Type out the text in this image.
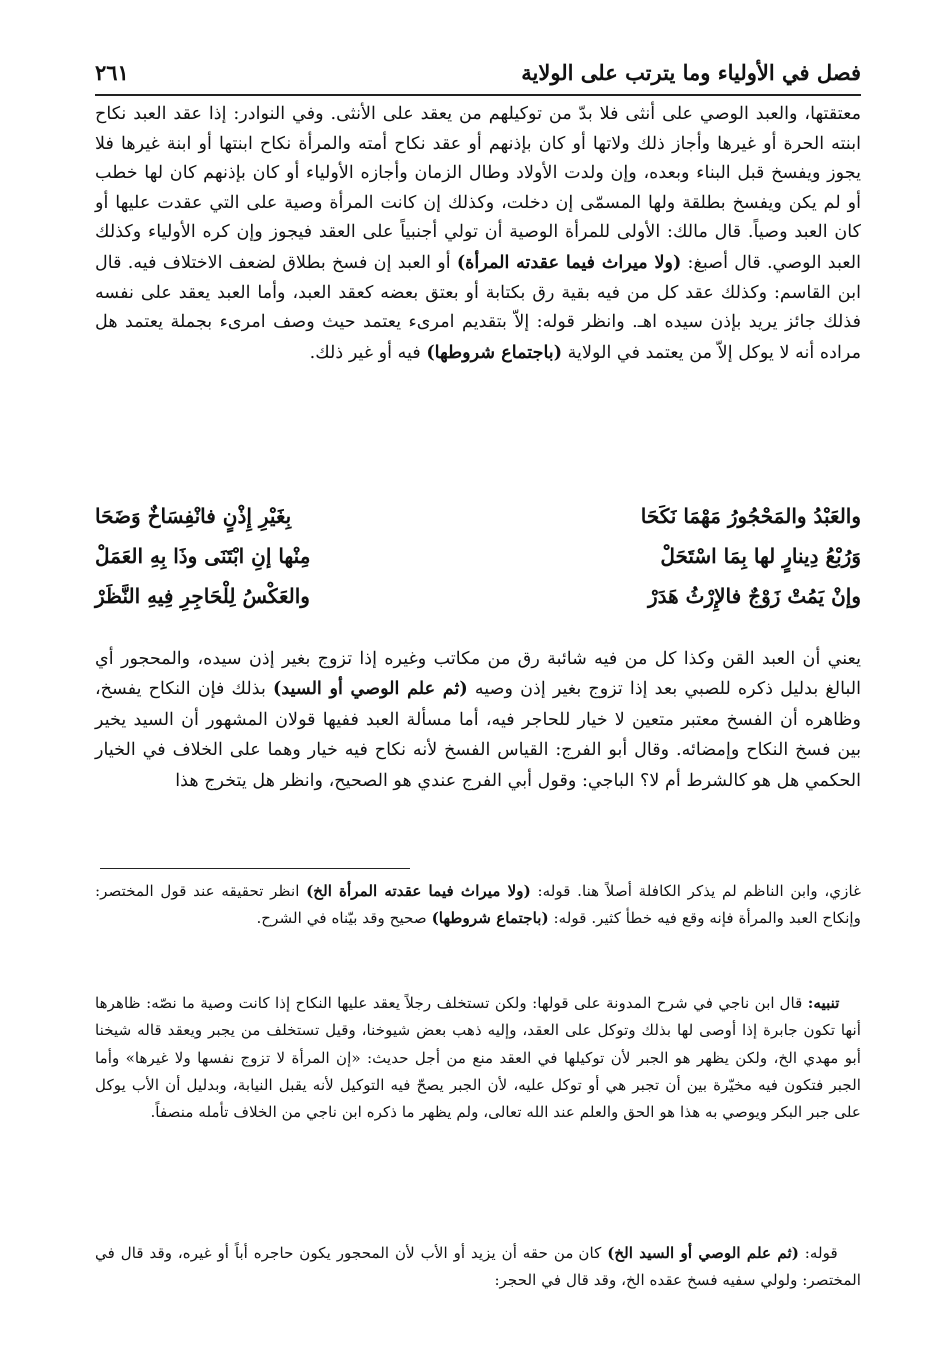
فصل في الأولياء وما يترتب على الولاية
٢٦١

معتقتها، والعبد الوصي على أنثى فلا بدّ من توكيلهم من يعقد على الأنثى. وفي النوادر: إذا عقد العبد نكاح ابنته الحرة أو غيرها وأجاز ذلك ولاتها أو كان بإذنهم أو عقد نكاح أمته والمرأة نكاح ابنتها أو ابنة غيرها فلا يجوز ويفسخ قبل البناء وبعده، وإن ولدت الأولاد وطال الزمان وأجازه الأولياء أو كان بإذنهم كان لها خطب أو لم يكن ويفسخ بطلقة ولها المسمّى إن دخلت، وكذلك إن كانت المرأة وصية على التي عقدت عليها أو كان العبد وصياً. قال مالك: الأولى للمرأة الوصية أن تولي أجنبياً على العقد فيجوز وإن كره الأولياء وكذلك العبد الوصي. قال أصبغ: (ولا ميراث فيما عقدته المرأة) أو العبد إن فسخ بطلاق لضعف الاختلاف فيه. قال ابن القاسم: وكذلك عقد كل من فيه بقية رق بكتابة أو بعتق بعضه كعقد العبد، وأما العبد يعقد على نفسه فذلك جائز يريد بإذن سيده اهـ. وانظر قوله: إلاّ بتقديم امرىء يعتمد حيث وصف امرىء بجملة يعتمد هل مراده أنه لا يوكل إلاّ من يعتمد في الولاية (باجتماع شروطها) فيه أو غير ذلك.

والعَبْدُ والمَحْجُورُ مَهْمَا نَكَحَا
بِغَيْرِ إِذْنٍ فانْفِسَاخٌ وَضَحَا
وَرُبْعُ دِينارٍ لها بِمَا اسْتَحَلْ
مِنْها إنِ ابْتَنَى وذَا بِهِ العَمَلْ
وإنْ يَمُتْ زَوْجٌ فالإِرْثُ هَدَرْ
والعَكْسُ لِلْحَاجِرِ فِيهِ النَّظَرْ

يعني أن العبد القن وكذا كل من فيه شائبة رق من مكاتب وغيره إذا تزوج بغير إذن سيده، والمحجور أي البالغ بدليل ذكره للصبي بعد إذا تزوج بغير إذن وصيه (ثم علم الوصي أو السيد) بذلك فإن النكاح يفسخ، وظاهره أن الفسخ معتبر متعين لا خيار للحاجر فيه، أما مسألة العبد ففيها قولان المشهور أن السيد يخير بين فسخ النكاح وإمضائه. وقال أبو الفرج: القياس الفسخ لأنه نكاح فيه خيار وهما على الخلاف في الخيار الحكمي هل هو كالشرط أم لا؟ الباجي: وقول أبي الفرج عندي هو الصحيح، وانظر هل يتخرج هذا

غازي، وابن الناظم لم يذكر الكافلة أصلاً هنا. قوله: (ولا ميراث فيما عقدته المرأة الخ) انظر تحقيقه عند قول المختصر: وإنكاح العبد والمرأة فإنه وقع فيه خطأ كثير. قوله: (باجتماع شروطها) صحيح وقد بيّناه في الشرح.

تنبيه: قال ابن ناجي في شرح المدونة على قولها: ولكن تستخلف رجلاً يعقد عليها النكاح إذا كانت وصية ما نصّه: ظاهرها أنها تكون جابرة إذا أوصى لها بذلك وتوكل على العقد، وإليه ذهب بعض شيوخنا، وقيل تستخلف من يجبر ويعقد قاله شيخنا أبو مهدي الخ، ولكن يظهر هو الجبر لأن توكيلها في العقد منع من أجل حديث: «إن المرأة لا تزوج نفسها ولا غيرها» وأما الجبر فتكون فيه مخيّرة بين أن تجبر هي أو توكل عليه، لأن الجبر يصحّ فيه التوكيل لأنه يقبل النيابة، وبدليل أن الأب يوكل على جبر البكر ويوصي به هذا هو الحق والعلم عند الله تعالى، ولم يظهر ما ذكره ابن ناجي من الخلاف تأمله منصفاً.

قوله: (ثم علم الوصي أو السيد الخ) كان من حقه أن يزيد أو الأب لأن المحجور يكون حاجره أباً أو غيره، وقد قال في المختصر: ولولي سفيه فسخ عقده الخ، وقد قال في الحجر:
